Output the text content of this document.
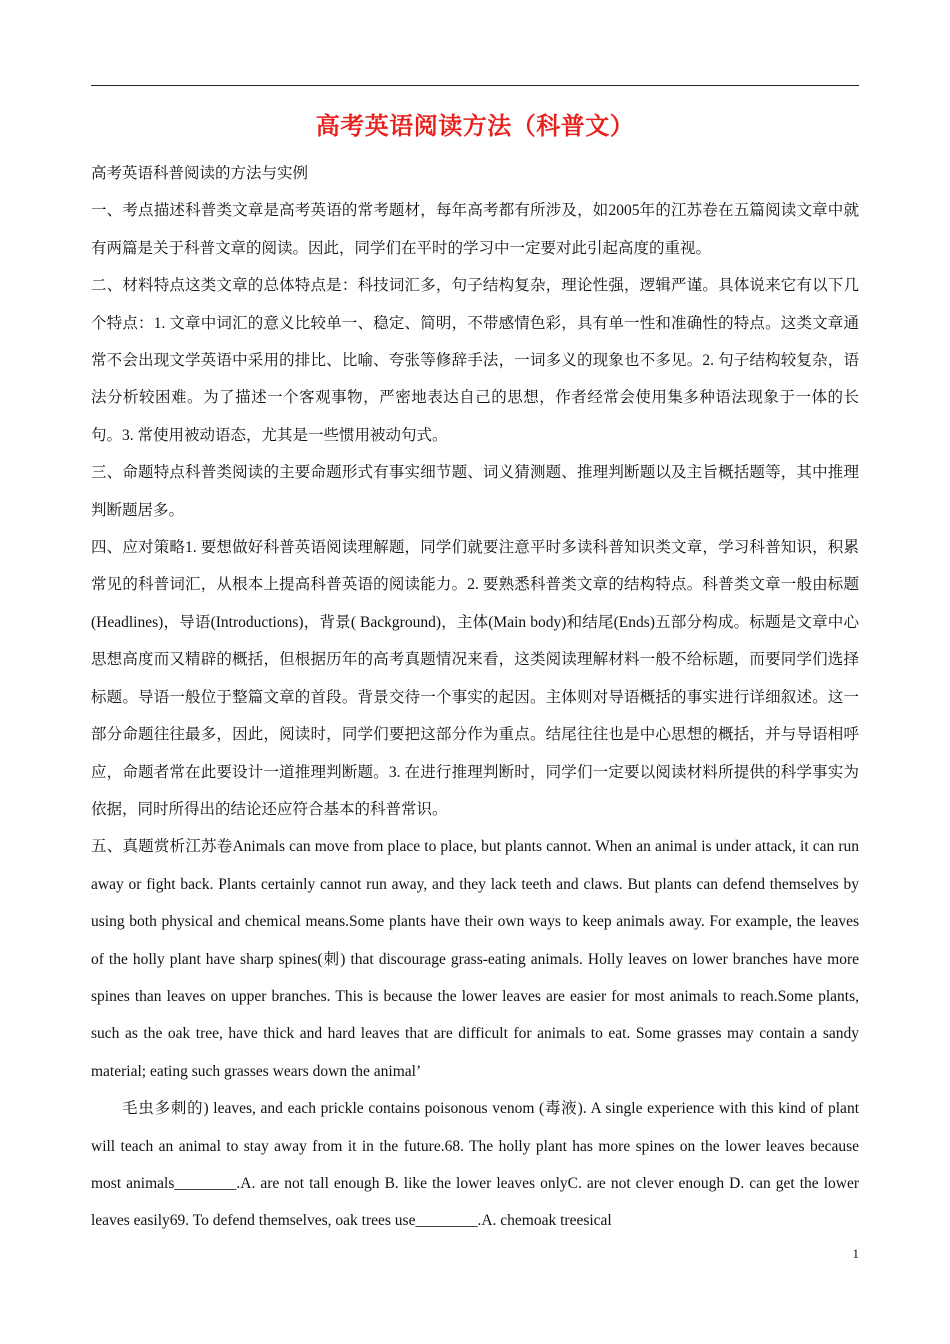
高考英语阅读方法（科普文）

高考英语科普阅读的方法与实例

一、考点描述科普类文章是高考英语的常考题材，每年高考都有所涉及，如2005年的江苏卷在五篇阅读文章中就有两篇是关于科普文章的阅读。因此，同学们在平时的学习中一定要对此引起高度的重视。

二、材料特点这类文章的总体特点是：科技词汇多，句子结构复杂，理论性强，逻辑严谨。具体说来它有以下几个特点：1. 文章中词汇的意义比较单一、稳定、简明，不带感情色彩，具有单一性和准确性的特点。这类文章通常不会出现文学英语中采用的排比、比喻、夸张等修辞手法，一词多义的现象也不多见。2. 句子结构较复杂，语法分析较困难。为了描述一个客观事物，严密地表达自己的思想，作者经常会使用集多种语法现象于一体的长句。3. 常使用被动语态，尤其是一些惯用被动句式。

三、命题特点科普类阅读的主要命题形式有事实细节题、词义猜测题、推理判断题以及主旨概括题等，其中推理判断题居多。

四、应对策略1. 要想做好科普英语阅读理解题，同学们就要注意平时多读科普知识类文章，学习科普知识，积累常见的科普词汇，从根本上提高科普英语的阅读能力。2. 要熟悉科普类文章的结构特点。科普类文章一般由标题(Headlines)，导语(Introductions)，背景( Background)，主体(Main body)和结尾(Ends)五部分构成。标题是文章中心思想高度而又精辟的概括，但根据历年的高考真题情况来看，这类阅读理解材料一般不给标题，而要同学们选择标题。导语一般位于整篇文章的首段。背景交待一个事实的起因。主体则对导语概括的事实进行详细叙述。这一部分命题往往最多，因此，阅读时，同学们要把这部分作为重点。结尾往往也是中心思想的概括，并与导语相呼应，命题者常在此要设计一道推理判断题。3. 在进行推理判断时，同学们一定要以阅读材料所提供的科学事实为依据，同时所得出的结论还应符合基本的科普常识。

五、真题赏析江苏卷Animals can move from place to place, but plants cannot. When an animal is under attack, it can run away or fight back. Plants certainly cannot run away, and they lack teeth and claws. But plants can defend themselves by using both physical and chemical means.Some plants have their own ways to keep animals away. For example, the leaves of the holly plant have sharp spines(刺) that discourage grass-eating animals. Holly leaves on lower branches have more spines than leaves on upper branches. This is because the lower leaves are easier for most animals to reach.Some plants, such as the oak tree, have thick and hard leaves that are difficult for animals to eat. Some grasses may contain a sandy material; eating such grasses wears down the animal’

毛虫多刺的) leaves, and each prickle contains poisonous venom (毒液). A single experience with this kind of plant will teach an animal to stay away from it in the future.68. The holly plant has more spines on the lower leaves because most animals________.A. are not tall enough B. like the lower leaves onlyC. are not clever enough D. can get the lower leaves easily69. To defend themselves, oak trees use________.A. chemoak treesical

1
